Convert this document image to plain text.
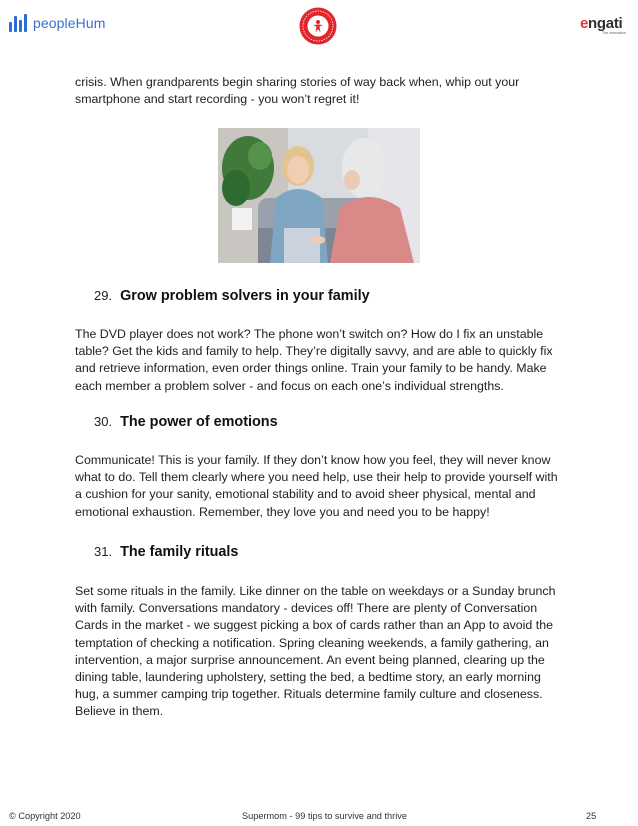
peopleHum	engati
The Innovation

crisis. When grandparents begin sharing stories of way back when, whip out your smartphone and start recording - you won’t regret it!

29. Grow problem solvers in your family

The DVD player does not work? The phone won’t switch on? How do I fix an unstable table? Get the kids and family to help. They’re digitally savvy, and are able to quickly fix and retrieve information, even order things online. Train your family to be handy. Make each member a problem solver - and focus on each one’s individual strengths.

30. The power of emotions

Communicate! This is your family. If they don’t know how you feel, they will never know what to do. Tell them clearly where you need help, use their help to provide yourself with a cushion for your sanity, emotional stability and to avoid sheer physical, mental and emotional exhaustion. Remember, they love you and need you to be happy!

31. The family rituals

Set some rituals in the family. Like dinner on the table on weekdays or a Sunday brunch with family. Conversations mandatory - devices off! There are plenty of Conversation Cards in the market - we suggest picking a box of cards rather than an App to avoid the temptation of checking a notification. Spring cleaning weekends, a family gathering, an intervention, a major surprise announcement. An event being planned, clearing up the dining table, laundering upholstery, setting the bed, a bedtime story, an early morning hug, a summer camping trip together. Rituals determine family culture and closeness. Believe in them.

© Copyright 2020	Supermom - 99 tips to survive and thrive	25
